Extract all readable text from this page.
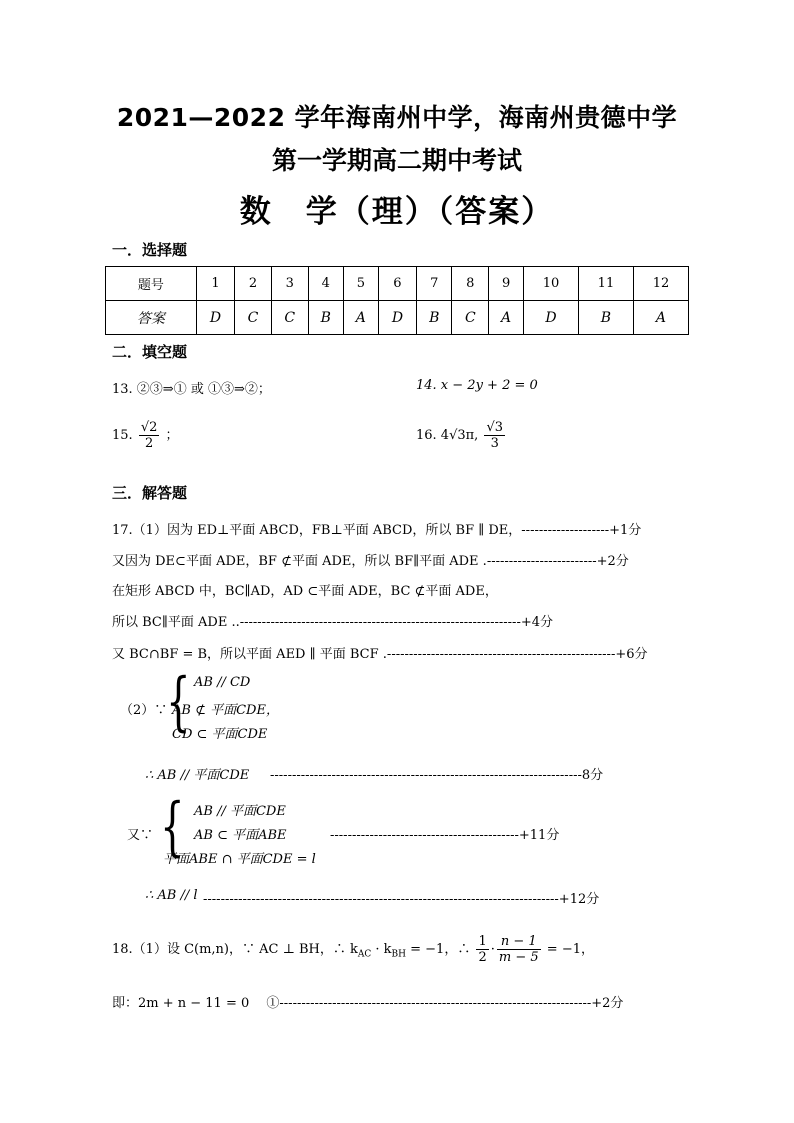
2021—2022 学年海南州中学，海南州贵德中学
第一学期高二期中考试
数　学（理）（答案）
一．选择题
题号	1	2	3	4	5	6	7	8	9	10	11	12
答案	D	C	C	B	A	D	B	C	A	D	B	A
二．填空题
13. ②③⇒① 或 ①③⇒②；	14. x − 2y + 2 = 0
15. $\frac{√2}{2}$ ；	16. 4√3π, $\frac{√3}{3}$
三．解答题
17.（1）因为 ED⊥平面 ABCD，FB⊥平面 ABCD，所以 BF ∥ DE，--------------------+1分
又因为 DE⊂平面 ADE，BF ⊄平面 ADE，所以 BF∥平面 ADE .-------------------------+2分
在矩形 ABCD 中，BC∥AD，AD ⊂平面 ADE，BC ⊄平面 ADE，
所以 BC∥平面 ADE ..----------------------------------------------------------------+4分
又 BC∩BF = B，所以平面 AED ∥ 平面 BCF .----------------------------------------------------+6分
（2）∵
{ AB // CD
AB ⊄ 平面CDE，
CD ⊂ 平面CDE
∴ AB // 平面CDE -----------------------------------------------------------------------8分
又∵ { AB // 平面CDE
AB ⊂ 平面ABE
平面ABE ∩ 平面CDE = l
-------------------------------------------+11分
∴ AB // l ---------------------------------------------------------------------------------+12分
18.（1）设 C(m,n)，∵ AC ⊥ BH，∴ $k_{AC} \cdot k_{BH} = -1$，∴ $\frac{1}{2} \cdot \frac{n - 1}{m - 5} = -1$，
即：2m + n − 11 = 0　 ①-----------------------------------------------------------------------+2分
